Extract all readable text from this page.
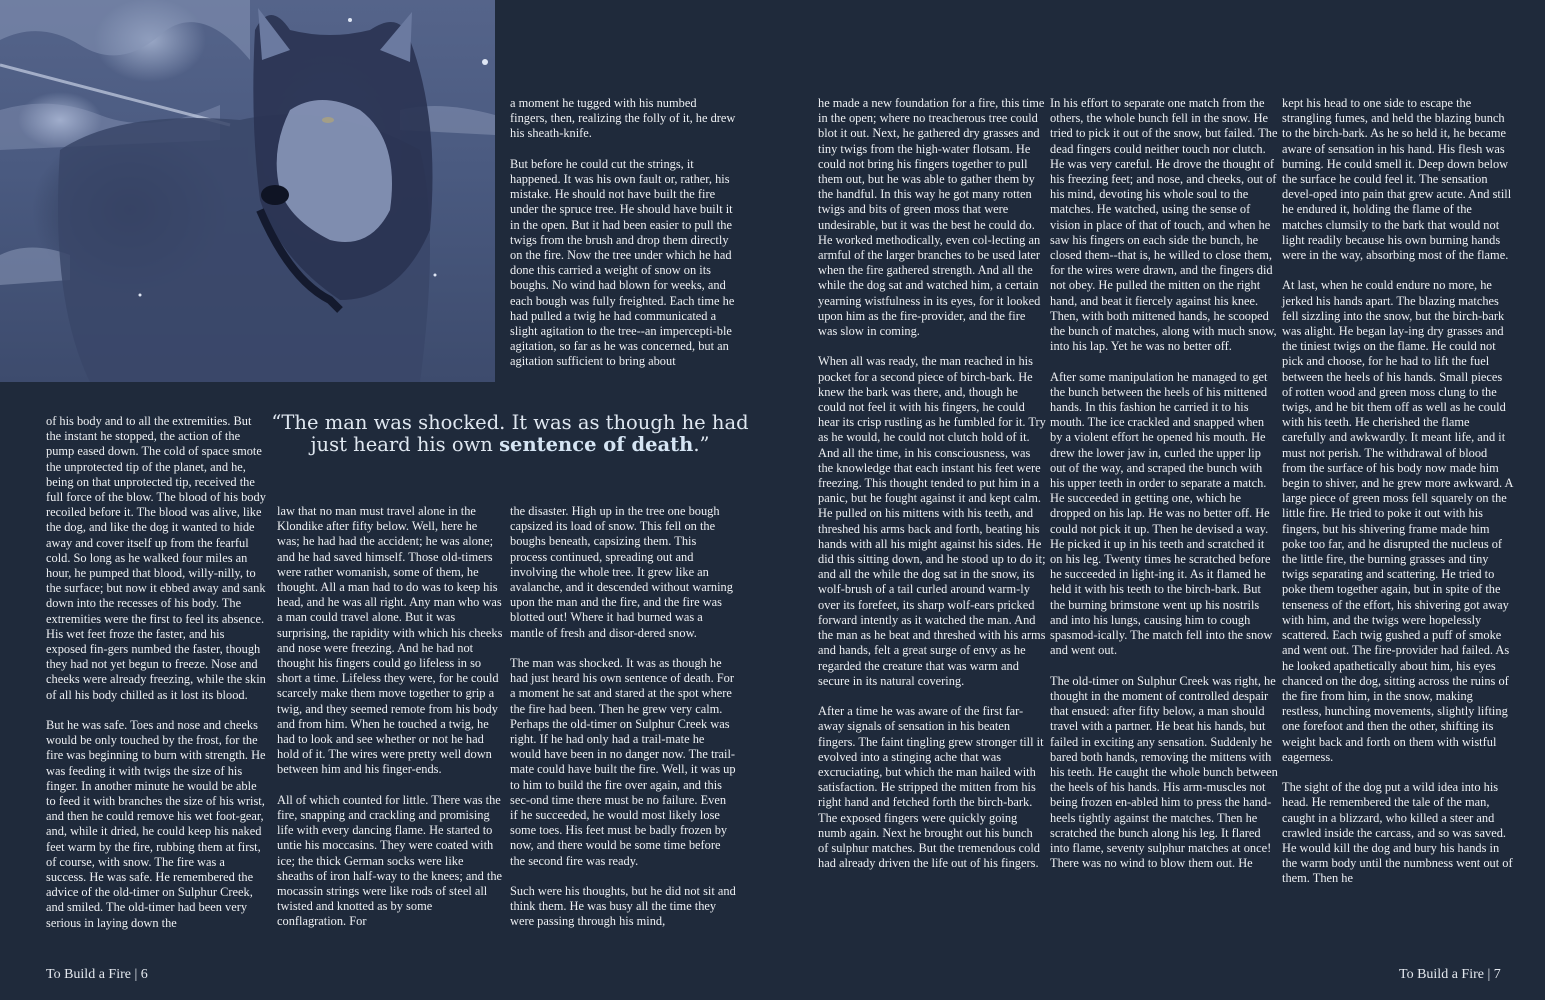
“The man was shocked. It was as though he had just heard his own sentence of death.”

of his body and to all the extremities. But the instant he stopped, the action of the pump eased down. The cold of space smote the unprotected tip of the planet, and he, being on that unprotected tip, received the full force of the blow. The blood of his body recoiled before it. The blood was alive, like the dog, and like the dog it wanted to hide away and cover itself up from the fearful cold. So long as he walked four miles an hour, he pumped that blood, willy-nilly, to the surface; but now it ebbed away and sank down into the recesses of his body. The extremities were the first to feel its absence. His wet feet froze the faster, and his exposed fin-gers numbed the faster, though they had not yet begun to freeze. Nose and cheeks were already freezing, while the skin of all his body chilled as it lost its blood.

But he was safe. Toes and nose and cheeks would be only touched by the frost, for the fire was beginning to burn with strength. He was feeding it with twigs the size of his finger. In another minute he would be able to feed it with branches the size of his wrist, and then he could remove his wet foot-gear, and, while it dried, he could keep his naked feet warm by the fire, rubbing them at first, of course, with snow. The fire was a success. He was safe. He remembered the advice of the old-timer on Sulphur Creek, and smiled. The old-timer had been very serious in laying down the

law that no man must travel alone in the Klondike after fifty below. Well, here he was; he had had the accident; he was alone; and he had saved himself. Those old-timers were rather womanish, some of them, he thought. All a man had to do was to keep his head, and he was all right. Any man who was a man could travel alone. But it was surprising, the rapidity with which his cheeks and nose were freezing. And he had not thought his fingers could go lifeless in so short a time. Lifeless they were, for he could scarcely make them move together to grip a twig, and they seemed remote from his body and from him. When he touched a twig, he had to look and see whether or not he had hold of it. The wires were pretty well down between him and his finger-ends.

All of which counted for little. There was the fire, snapping and crackling and promising life with every dancing flame. He started to untie his moccasins. They were coated with ice; the thick German socks were like sheaths of iron half-way to the knees; and the mocassin strings were like rods of steel all twisted and knotted as by some conflagration. For

a moment he tugged with his numbed fingers, then, realizing the folly of it, he drew his sheath-knife.

But before he could cut the strings, it happened. It was his own fault or, rather, his mistake. He should not have built the fire under the spruce tree. He should have built it in the open. But it had been easier to pull the twigs from the brush and drop them directly on the fire. Now the tree under which he had done this carried a weight of snow on its boughs. No wind had blown for weeks, and each bough was fully freighted. Each time he had pulled a twig he had communicated a slight agitation to the tree--an impercepti-ble agitation, so far as he was concerned, but an agitation sufficient to bring about

the disaster. High up in the tree one bough capsized its load of snow. This fell on the boughs beneath, capsizing them. This process continued, spreading out and involving the whole tree. It grew like an avalanche, and it descended without warning upon the man and the fire, and the fire was blotted out! Where it had burned was a mantle of fresh and disor-dered snow.

The man was shocked. It was as though he had just heard his own sentence of death. For a moment he sat and stared at the spot where the fire had been. Then he grew very calm. Perhaps the old-timer on Sulphur Creek was right. If he had only had a trail-mate he would have been in no danger now. The trail-mate could have built the fire. Well, it was up to him to build the fire over again, and this sec-ond time there must be no failure. Even if he succeeded, he would most likely lose some toes. His feet must be badly frozen by now, and there would be some time before the second fire was ready.

Such were his thoughts, but he did not sit and think them. He was busy all the time they were passing through his mind,

To Build a Fire | 6

he made a new foundation for a fire, this time in the open; where no treacherous tree could blot it out. Next, he gathered dry grasses and tiny twigs from the high-water flotsam. He could not bring his fingers together to pull them out, but he was able to gather them by the handful. In this way he got many rotten twigs and bits of green moss that were undesirable, but it was the best he could do. He worked methodically, even col-lecting an armful of the larger branches to be used later when the fire gathered strength. And all the while the dog sat and watched him, a certain yearning wistfulness in its eyes, for it looked upon him as the fire-provider, and the fire was slow in coming.

When all was ready, the man reached in his pocket for a second piece of birch-bark. He knew the bark was there, and, though he could not feel it with his fingers, he could hear its crisp rustling as he fumbled for it. Try as he would, he could not clutch hold of it. And all the time, in his consciousness, was the knowledge that each instant his feet were freezing. This thought tended to put him in a panic, but he fought against it and kept calm. He pulled on his mittens with his teeth, and threshed his arms back and forth, beating his hands with all his might against his sides. He did this sitting down, and he stood up to do it; and all the while the dog sat in the snow, its wolf-brush of a tail curled around warm-ly over its forefeet, its sharp wolf-ears pricked forward intently as it watched the man. And the man as he beat and threshed with his arms and hands, felt a great surge of envy as he regarded the creature that was warm and secure in its natural covering.

After a time he was aware of the first far-away signals of sensation in his beaten fingers. The faint tingling grew stronger till it evolved into a stinging ache that was excruciating, but which the man hailed with satisfaction. He stripped the mitten from his right hand and fetched forth the birch-bark. The exposed fingers were quickly going numb again. Next he brought out his bunch of sulphur matches. But the tremendous cold had already driven the life out of his fingers.

In his effort to separate one match from the others, the whole bunch fell in the snow. He tried to pick it out of the snow, but failed. The dead fingers could neither touch nor clutch. He was very careful. He drove the thought of his freezing feet; and nose, and cheeks, out of his mind, devoting his whole soul to the matches. He watched, using the sense of vision in place of that of touch, and when he saw his fingers on each side the bunch, he closed them--that is, he willed to close them, for the wires were drawn, and the fingers did not obey. He pulled the mitten on the right hand, and beat it fiercely against his knee. Then, with both mittened hands, he scooped the bunch of matches, along with much snow, into his lap. Yet he was no better off.

After some manipulation he managed to get the bunch between the heels of his mittened hands. In this fashion he carried it to his mouth. The ice crackled and snapped when by a violent effort he opened his mouth. He drew the lower jaw in, curled the upper lip out of the way, and scraped the bunch with his upper teeth in order to separate a match. He succeeded in getting one, which he dropped on his lap. He was no better off. He could not pick it up. Then he devised a way. He picked it up in his teeth and scratched it on his leg. Twenty times he scratched before he succeeded in light-ing it. As it flamed he held it with his teeth to the birch-bark. But the burning brimstone went up his nostrils and into his lungs, causing him to cough spasmod-ically. The match fell into the snow and went out.

The old-timer on Sulphur Creek was right, he thought in the moment of controlled despair that ensued: after fifty below, a man should travel with a partner. He beat his hands, but failed in exciting any sensation. Suddenly he bared both hands, removing the mittens with his teeth. He caught the whole bunch between the heels of his hands. His arm-muscles not being frozen en-abled him to press the hand-heels tightly against the matches. Then he scratched the bunch along his leg. It flared into flame, seventy sulphur matches at once! There was no wind to blow them out. He

kept his head to one side to escape the strangling fumes, and held the blazing bunch to the birch-bark. As he so held it, he became aware of sensation in his hand. His flesh was burning. He could smell it. Deep down below the surface he could feel it. The sensation devel-oped into pain that grew acute. And still he endured it, holding the flame of the matches clumsily to the bark that would not light readily because his own burning hands were in the way, absorbing most of the flame.

At last, when he could endure no more, he jerked his hands apart. The blazing matches fell sizzling into the snow, but the birch-bark was alight. He began lay-ing dry grasses and the tiniest twigs on the flame. He could not pick and choose, for he had to lift the fuel between the heels of his hands. Small pieces of rotten wood and green moss clung to the twigs, and he bit them off as well as he could with his teeth. He cherished the flame carefully and awkwardly. It meant life, and it must not perish. The withdrawal of blood from the surface of his body now made him begin to shiver, and he grew more awkward. A large piece of green moss fell squarely on the little fire. He tried to poke it out with his fingers, but his shivering frame made him poke too far, and he disrupted the nucleus of the little fire, the burning grasses and tiny twigs separating and scattering. He tried to poke them together again, but in spite of the tenseness of the effort, his shivering got away with him, and the twigs were hopelessly scattered. Each twig gushed a puff of smoke and went out. The fire-provider had failed. As he looked apathetically about him, his eyes chanced on the dog, sitting across the ruins of the fire from him, in the snow, making restless, hunching movements, slightly lifting one forefoot and then the other, shifting its weight back and forth on them with wistful eagerness.

The sight of the dog put a wild idea into his head. He remembered the tale of the man, caught in a blizzard, who killed a steer and crawled inside the carcass, and so was saved. He would kill the dog and bury his hands in the warm body until the numbness went out of them. Then he

To Build a Fire | 7
